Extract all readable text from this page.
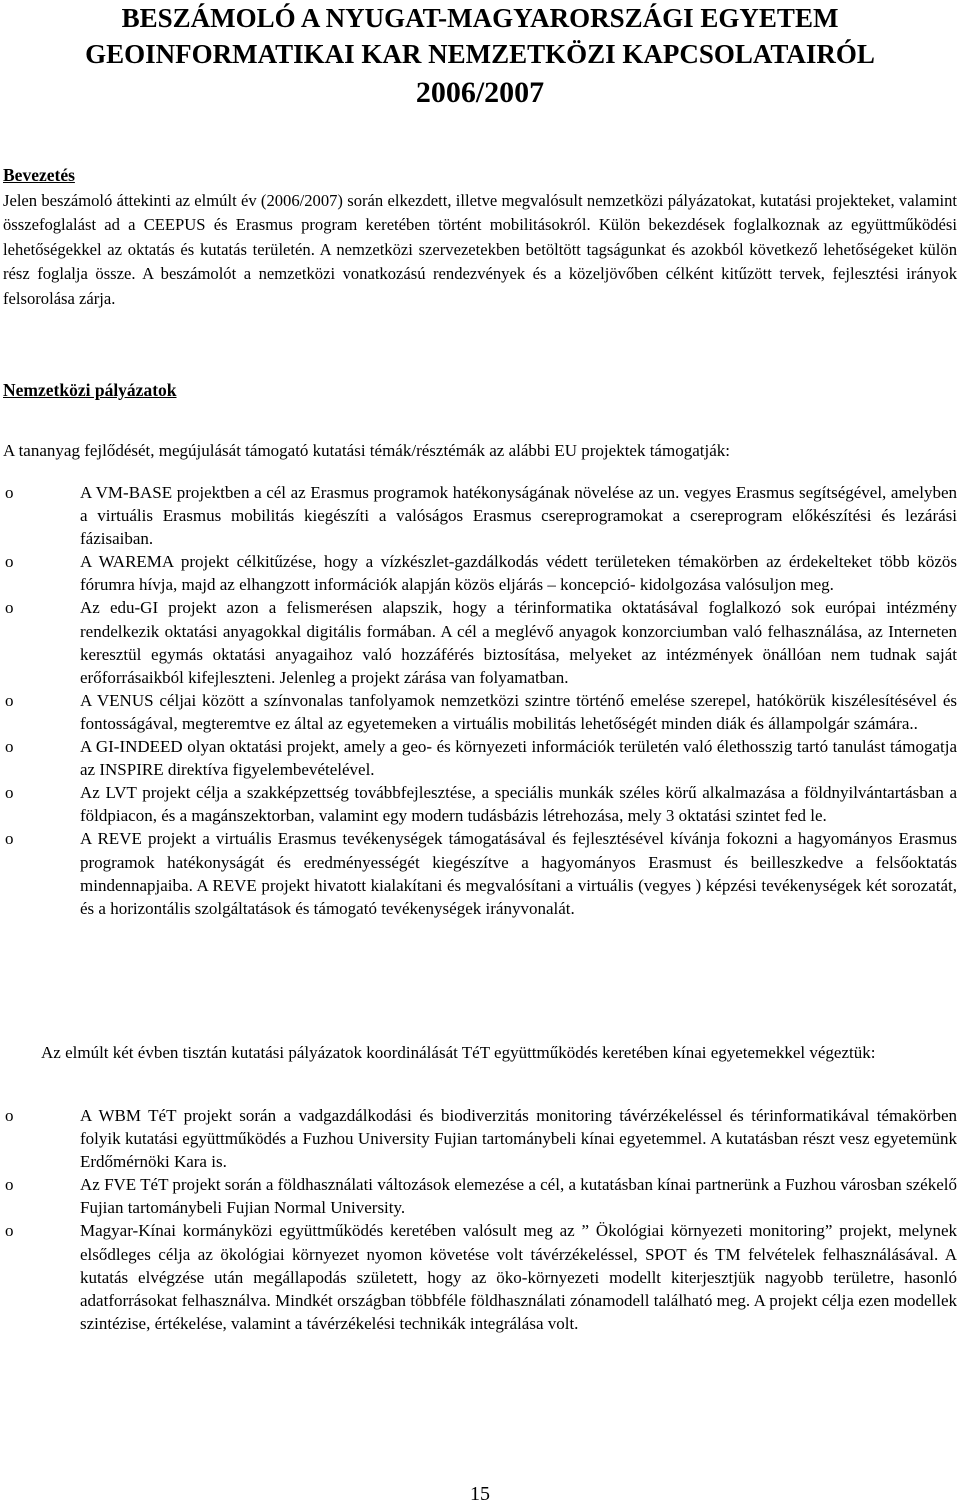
BESZÁMOLÓ A NYUGAT-MAGYARORSZÁGI EGYETEM
GEOINFORMATIKAI KAR NEMZETKÖZI KAPCSOLATAIRÓL
2006/2007
Bevezetés

Jelen beszámoló áttekinti az elmúlt év (2006/2007) során elkezdett, illetve megvalósult nemzetközi pályázatokat, kutatási projekteket, valamint összefoglalást ad a CEEPUS és Erasmus program keretében történt mobilitásokról. Külön bekezdések foglalkoznak az együttműködési lehetőségekkel az oktatás és kutatás területén. A nemzetközi szervezetekben betöltött tagságunkat és azokból következő lehetőségeket külön rész foglalja össze. A beszámolót a nemzetközi vonatkozású rendezvények és a közeljövőben célként kitűzött tervek, fejlesztési irányok felsorolása zárja.

Nemzetközi pályázatok

A tananyag fejlődését, megújulását támogató kutatási témák/résztémák az alábbi EU projektek támogatják:

o	A VM-BASE projektben a cél az Erasmus programok hatékonyságának növelése az un. vegyes Erasmus segítségével, amelyben a virtuális Erasmus mobilitás kiegészíti a valóságos Erasmus csereprogramokat a csereprogram előkészítési és lezárási fázisaiban.
o	A WAREMA projekt célkitűzése, hogy a vízkészlet-gazdálkodás védett területeken témakörben az érdekelteket több közös fórumra hívja, majd az elhangzott információk alapján közös eljárás – koncepció- kidolgozása valósuljon meg.
o	Az edu-GI projekt azon a felismerésen alapszik, hogy a térinformatika oktatásával foglalkozó sok európai intézmény rendelkezik oktatási anyagokkal digitális formában. A cél a meglévő anyagok konzorciumban való felhasználása, az Interneten keresztül egymás oktatási anyagaihoz való hozzáférés biztosítása, melyeket az intézmények önállóan nem tudnak saját erőforrásaikból kifejleszteni. Jelenleg a projekt zárása van folyamatban.
o	A VENUS céljai között a színvonalas tanfolyamok nemzetközi szintre történő emelése szerepel, hatókörük kiszélesítésével és fontosságával, megteremtve ez által az egyetemeken a virtuális mobilitás lehetőségét minden diák és állampolgár számára..
o	A GI-INDEED olyan oktatási projekt, amely a geo- és környezeti információk területén való élethosszig tartó tanulást támogatja az INSPIRE direktíva figyelembevételével.
o	Az LVT projekt célja a szakképzettség továbbfejlesztése, a speciális munkák széles körű alkalmazása a földnyilvántartásban a földpiacon, és a magánszektorban, valamint egy modern tudásbázis létrehozása, mely 3 oktatási szintet fed le.
o	A REVE projekt a virtuális Erasmus tevékenységek támogatásával és fejlesztésével kívánja fokozni a hagyományos Erasmus programok hatékonyságát és eredményességét kiegészítve a hagyományos Erasmust és beilleszkedve a felsőoktatás mindennapjaiba. A REVE projekt hivatott kialakítani és megvalósítani a virtuális (vegyes ) képzési tevékenységek két sorozatát, és a horizontális szolgáltatások és támogató tevékenységek irányvonalát.

Az elmúlt két évben tisztán kutatási pályázatok koordinálását TéT együttműködés keretében kínai egyetemekkel végeztük:

o	A WBM TéT projekt során a vadgazdálkodási és biodiverzitás monitoring távérzékeléssel és térinformatikával témakörben folyik kutatási együttműködés a Fuzhou University Fujian tartománybeli kínai egyetemmel. A kutatásban részt vesz egyetemünk Erdőmérnöki Kara is.
o	Az FVE TéT projekt során a földhasználati változások elemezése a cél, a kutatásban kínai partnerünk a Fuzhou városban székelő Fujian tartománybeli Fujian Normal University.
o	Magyar-Kínai kormányközi együttműködés keretében valósult meg az ” Ökológiai környezeti monitoring” projekt, melynek elsődleges célja az ökológiai környezet nyomon követése volt távérzékeléssel, SPOT és TM felvételek felhasználásával. A kutatás elvégzése után megállapodás született, hogy az öko-környezeti modellt kiterjesztjük nagyobb területre, hasonló adatforrásokat felhasználva. Mindkét országban többféle földhasználati zónamodell található meg. A projekt célja ezen modellek szintézise, értékelése, valamint a távérzékelési technikák integrálása volt.

15
